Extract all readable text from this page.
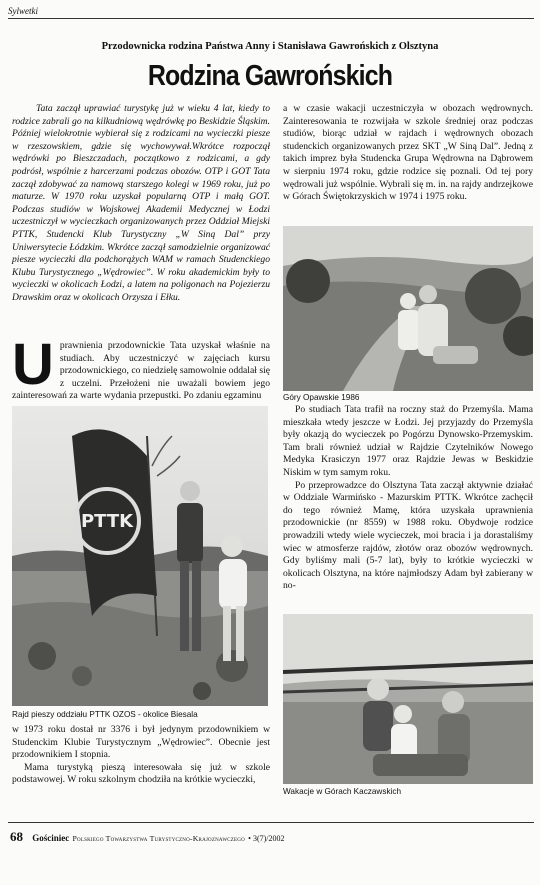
Sylwetki
Przodownicka rodzina Państwa Anny i Stanisława Gawrońskich z Olsztyna
Rodzina Gawrońskich

Tata zaczął uprawiać turystykę już w wieku 4 lat, kiedy to rodzice zabrali go na kilkudniową wędrówkę po Beskidzie Śląskim. Później wielokrotnie wybierał się z rodzicami na wycieczki piesze w rzeszowskiem, gdzie się wychowywał.Wkrótce rozpoczął wędrówki po Bieszczadach, początkowo z rodzicami, a gdy podrósł, wspólnie z harcerzami podczas obozów. OTP i GOT Tata zaczął zdobywać za namową starszego kolegi w 1969 roku, już po maturze. W 1970 roku uzyskał popularną OTP i małą GOT. Podczas studiów w Wojskowej Akademii Medycznej w Łodzi uczestniczył w wycieczkach organizowanych przez Oddział Miejski PTTK, Studencki Klub Turystyczny „W Siną Dal” przy Uniwersytecie Łódzkim. Wkrótce zaczął samodzielnie organizować piesze wycieczki dla podchorążych WAM w ramach Studenckiego Klubu Turystycznego „Wędrowiec”. W roku akademickim były to wycieczki w okolicach Łodzi, a latem na poligonach na Pojezierzu Drawskim oraz w okolicach Orzysza i Ełku.

U prawnienia przodownickie Tata uzyskał właśnie na studiach. Aby uczestniczyć w zajęciach kursu przodownickiego, co niedzielę samowolnie oddalał się z uczelni. Przełożeni nie uważali bowiem jego zainteresowań za warte wydania przepustki. Po zdaniu egzaminu

PTTK
Rajd pieszy oddziału PTTK OZOS - okolice Biesala

w 1973 roku dostał nr 3376 i był jedynym przodownikiem w Studenckim Klubie Turystycznym „Wędrowiec”. Obecnie jest przodownikiem I stopnia.

Mama turystyką pieszą interesowała się już w szkole podstawowej. W roku szkolnym chodziła na krótkie wycieczki,

a w czasie wakacji uczestniczyła w obozach wędrownych. Zainteresowania te rozwijała w szkole średniej oraz podczas studiów, biorąc udział w rajdach i wędrownych obozach studenckich organizowanych przez SKT „W Siną Dal”. Jedną z takich imprez była Studencka Grupa Wędrowna na Dąbrowem w sierpniu 1974 roku, gdzie rodzice się poznali. Od tej pory wędrowali już wspólnie. Wybrali się m. in. na rajdy andrzejkowe w Górach Świętokrzyskich w 1974 i 1975 roku.

Góry Opawskie 1986

Po studiach Tata trafił na roczny staż do Przemyśla. Mama mieszkała wtedy jeszcze w Łodzi. Jej przyjazdy do Przemyśla były okazją do wycieczek po Pogórzu Dynowsko-Przemyskim. Tam brali również udział w Rajdzie Czytelników Nowego Medyka Krasiczyn 1977 oraz Rajdzie Jewas w Beskidzie Niskim w tym samym roku.

Po przeprowadzce do Olsztyna Tata zaczął aktywnie działać w Oddziale Warmińsko - Mazurskim PTTK. Wkrótce zachęcił do tego również Mamę, która uzyskała uprawnienia przodownickie (nr 8559) w 1988 roku. Obydwoje rodzice prowadzili wtedy wiele wycieczek, moi bracia i ja dorastaliśmy wiec w atmosferze rajdów, złotów oraz obozów wędrownych. Gdy byliśmy mali (5-7 lat), były to krótkie wycieczki w okolicach Olsztyna, na które najmłodszy Adam był zabierany w no-

Wakacje w Górach Kaczawskich
68 Gościniec Polskiego Towarzystwa Turystyczno-Krajoznawczego • 3(7)/2002
